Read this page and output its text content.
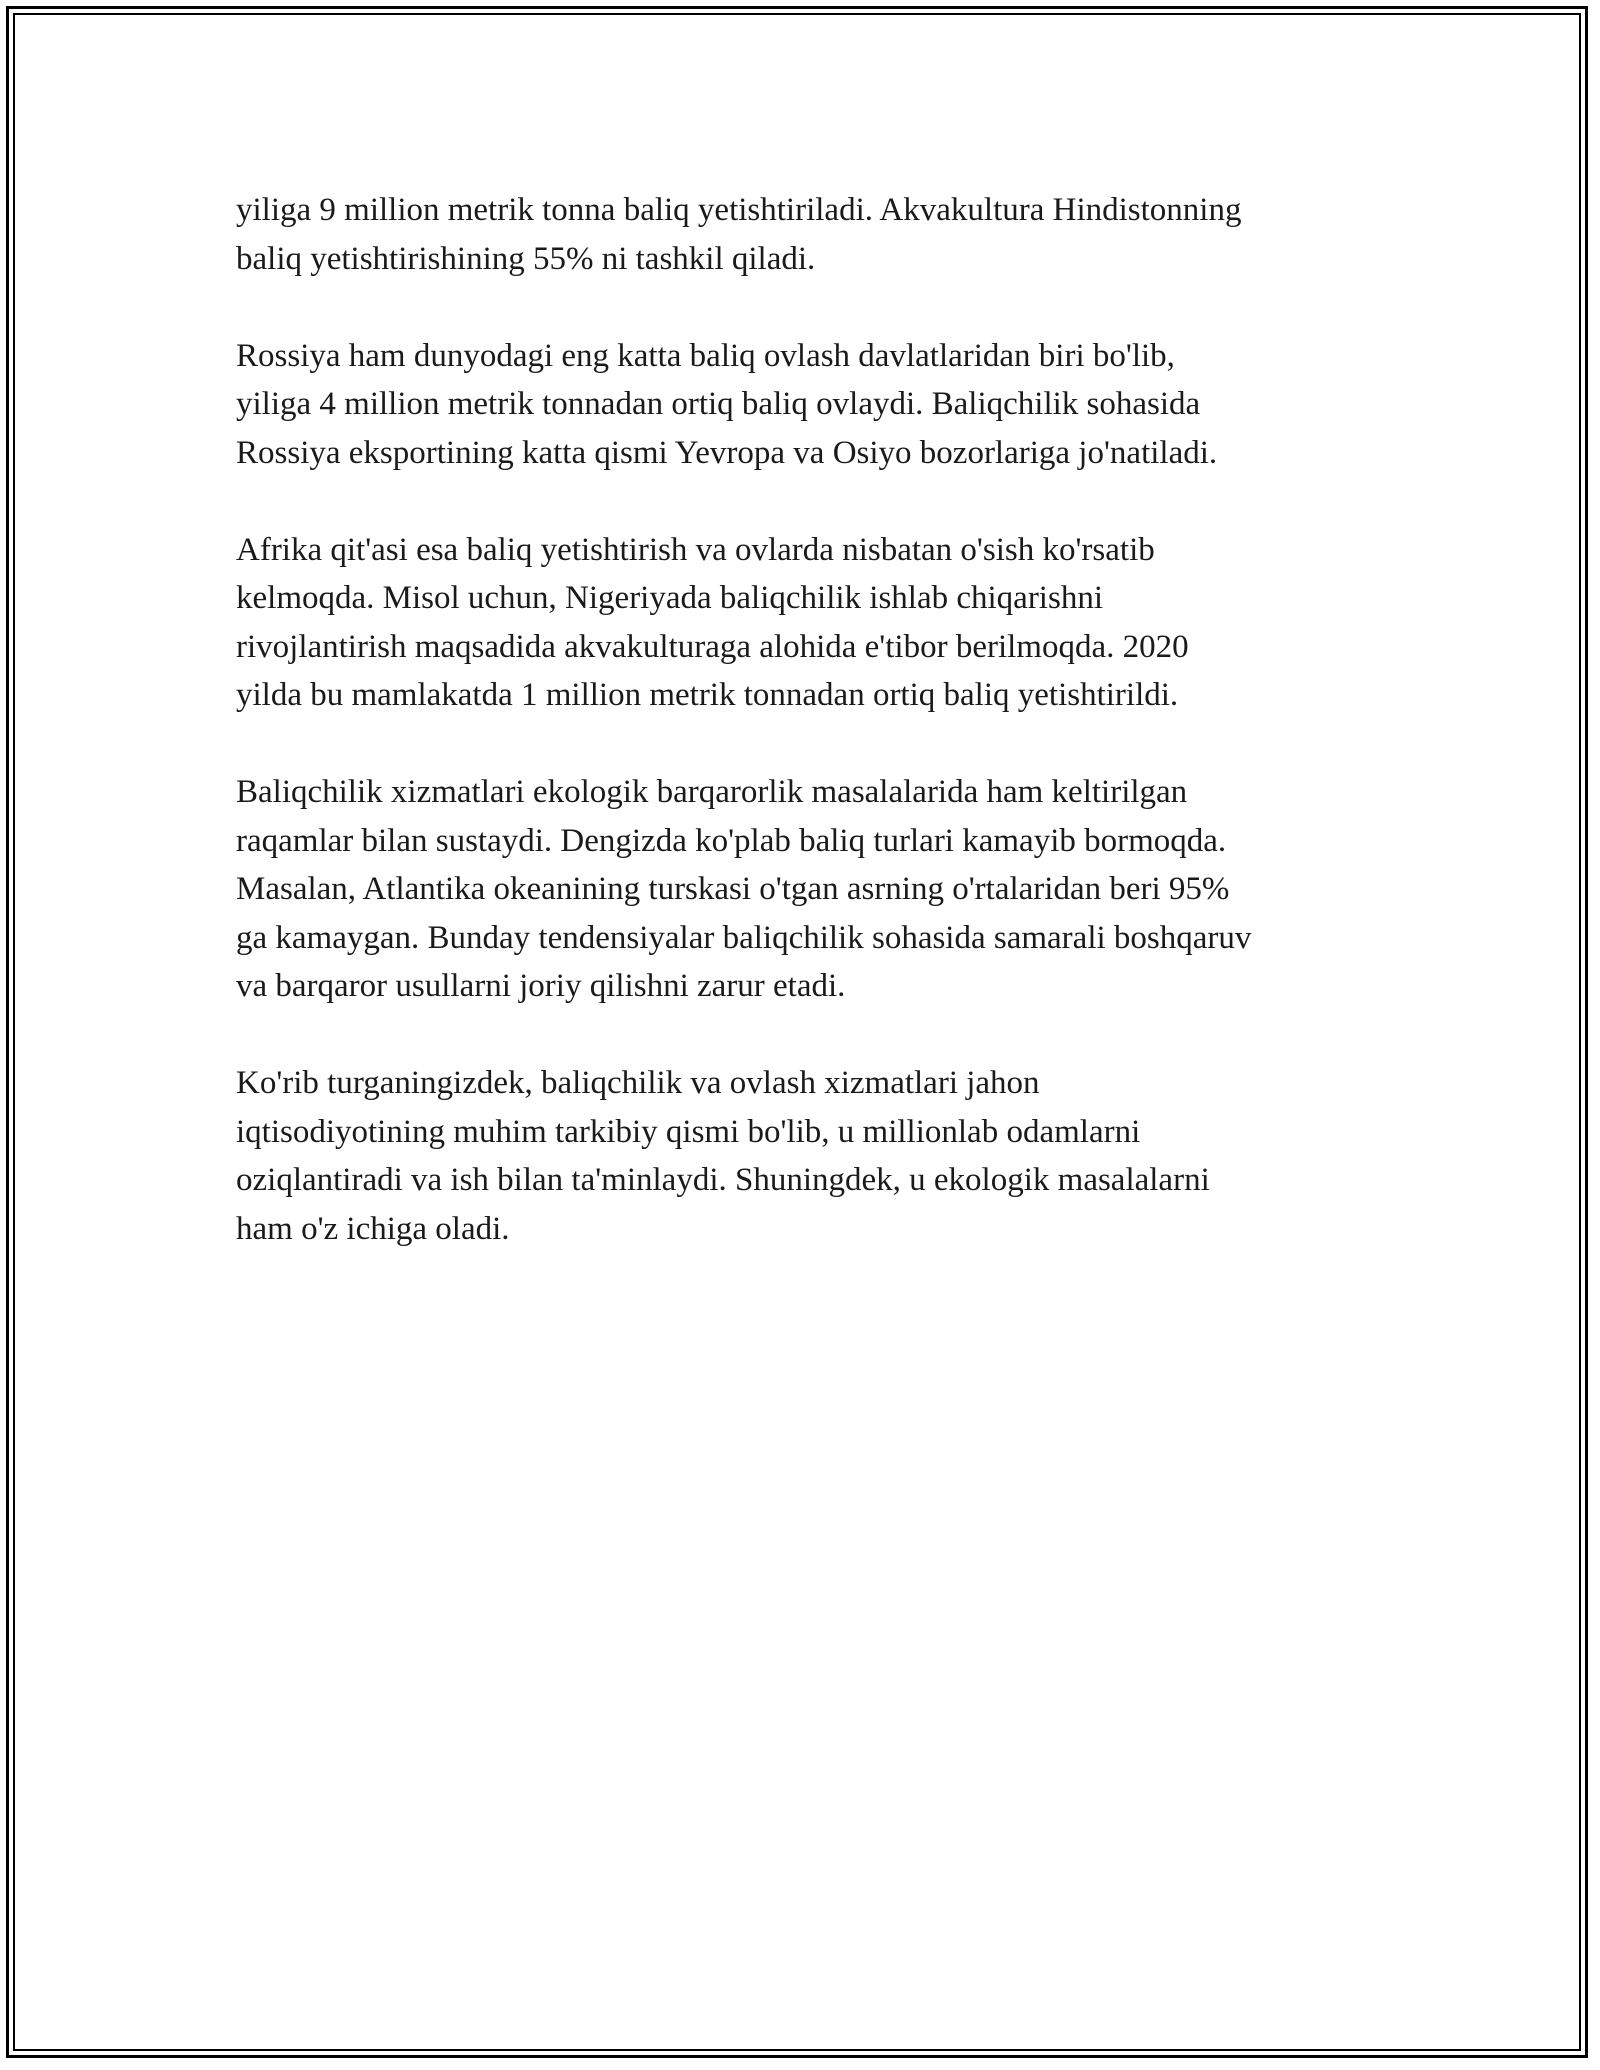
yiliga 9 million metrik tonna baliq yetishtiriladi. Akvakultura Hindistonning
baliq yetishtirishining 55% ni tashkil qiladi.

Rossiya ham dunyodagi eng katta baliq ovlash davlatlaridan biri bo'lib,
yiliga 4 million metrik tonnadan ortiq baliq ovlaydi. Baliqchilik sohasida
Rossiya eksportining katta qismi Yevropa va Osiyo bozorlariga jo'natiladi.

Afrika qit'asi esa baliq yetishtirish va ovlarda nisbatan o'sish ko'rsatib
kelmoqda. Misol uchun, Nigeriyada baliqchilik ishlab chiqarishni
rivojlantirish maqsadida akvakulturaga alohida e'tibor berilmoqda. 2020
yilda bu mamlakatda 1 million metrik tonnadan ortiq baliq yetishtirildi.

Baliqchilik xizmatlari ekologik barqarorlik masalalarida ham keltirilgan
raqamlar bilan sustaydi. Dengizda ko'plab baliq turlari kamayib bormoqda.
Masalan, Atlantika okeanining turskasi o'tgan asrning o'rtalaridan beri 95%
ga kamaygan. Bunday tendensiyalar baliqchilik sohasida samarali boshqaruv
va barqaror usullarni joriy qilishni zarur etadi.

Ko'rib turganingizdek, baliqchilik va ovlash xizmatlari jahon
iqtisodiyotining muhim tarkibiy qismi bo'lib, u millionlab odamlarni
oziqlantiradi va ish bilan ta'minlaydi. Shuningdek, u ekologik masalalarni
ham o'z ichiga oladi.
